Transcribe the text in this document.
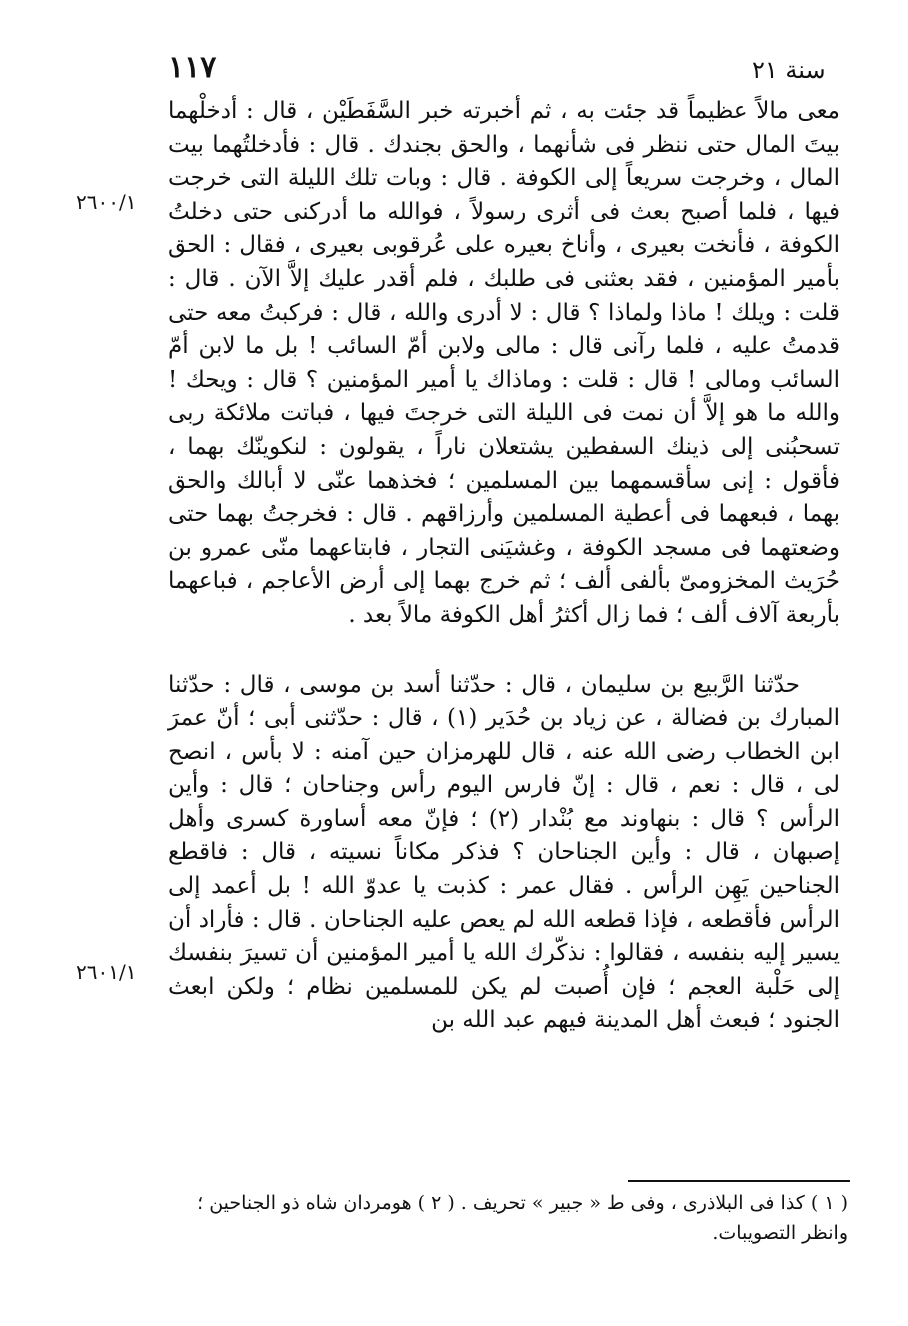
١١٧	سنة ٢١
٢٦٠٠/١
٢٦٠١/١

معى مالاً عظيماً قد جئت به ، ثم أخبرته خبر السَّفَطَيْن ، قال : أدخلْهما بيتَ المال حتى ننظر فى شأنهما ، والحق بجندك . قال : فأدخلتُهما بيت المال ، وخرجت سريعاً إلى الكوفة . قال : وبات تلك الليلة التى خرجت فيها ، فلما أصبح بعث فى أثرى رسولاً ، فوالله ما أدركنى حتى دخلتُ الكوفة ، فأنخت بعيرى ، وأناخ بعيره على عُرقوبى بعيرى ، فقال : الحق بأمير المؤمنين ، فقد بعثنى فى طلبك ، فلم أقدر عليك إلاَّ الآن . قال : قلت : ويلك ! ماذا ولماذا ؟ قال : لا أدرى والله ، قال : فركبتُ معه حتى قدمتُ عليه ، فلما رآنى قال : مالى ولابن أمّ السائب ! بل ما لابن أمّ السائب ومالى ! قال : قلت : وماذاك يا أمير المؤمنين ؟ قال : ويحك ! والله ما هو إلاَّ أن نمت فى الليلة التى خرجتَ فيها ، فباتت ملائكة ربى تسحبُنى إلى ذينك السفطين يشتعلان ناراً ، يقولون : لنكوينّك بهما ، فأقول : إنى سأقسمهما بين المسلمين ؛ فخذهما عنّى لا أبالك والحق بهما ، فبعهما فى أعطية المسلمين وأرزاقهم . قال : فخرجتُ بهما حتى وضعتهما فى مسجد الكوفة ، وغشيَنى التجار ، فابتاعهما منّى عمرو بن حُرَيث المخزومىّ بألفى ألف ؛ ثم خرج بهما إلى أرض الأعاجم ، فباعهما بأربعة آلاف ألف ؛ فما زال أكثرُ أهل الكوفة مالاً بعد .

حدّثنا الرَّبيع بن سليمان ، قال : حدّثنا أسد بن موسى ، قال : حدّثنا المبارك بن فضالة ، عن زياد بن حُدَير (١) ، قال : حدّثنى أبى ؛ أنّ عمرَ ابن الخطاب رضى الله عنه ، قال للهرمزان حين آمنه : لا بأس ، انصح لى ، قال : نعم ، قال : إنّ فارس اليوم رأس وجناحان ؛ قال : وأين الرأس ؟ قال : بنهاوند مع بُنْدار (٢) ؛ فإنّ معه أساورة كسرى وأهل إصبهان ، قال : وأين الجناحان ؟ فذكر مكاناً نسيته ، قال : فاقطع الجناحين يَهِن الرأس . فقال عمر : كذبت يا عدوّ الله ! بل أعمد إلى الرأس فأقطعه ، فإذا قطعه الله لم يعص عليه الجناحان . قال : فأراد أن يسير إليه بنفسه ، فقالوا : نذكّرك الله يا أمير المؤمنين أن تسيرَ بنفسك إلى حَلْبة العجم ؛ فإن أُصبت لم يكن للمسلمين نظام ؛ ولكن ابعث الجنود ؛ فبعث أهل المدينة فيهم عبد الله بن

( ١ ) كذا فى البلاذرى ، وفى ط « جبير » تحريف . ( ٢ ) هومردان شاه ذو الجناحين ؛ وانظر التصويبات.
